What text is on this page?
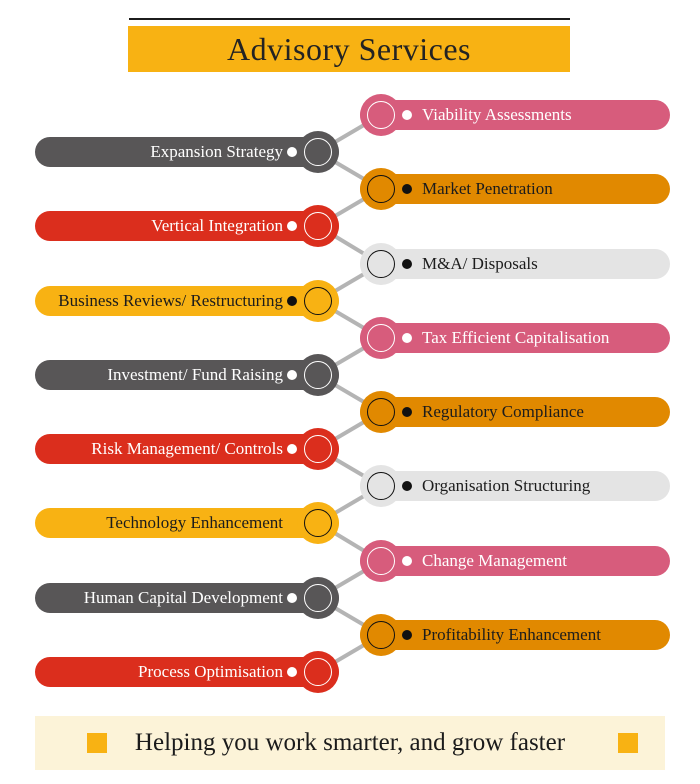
Advisory Services
Viability Assessments
Expansion Strategy
Market Penetration
Vertical Integration
M&A/ Disposals
Business Reviews/ Restructuring
Tax Efficient Capitalisation
Investment/ Fund Raising
Regulatory Compliance
Risk Management/ Controls
Organisation Structuring
Technology Enhancement
Change Management
Human Capital Development
Profitability Enhancement
Process Optimisation
Helping you work smarter, and grow faster
